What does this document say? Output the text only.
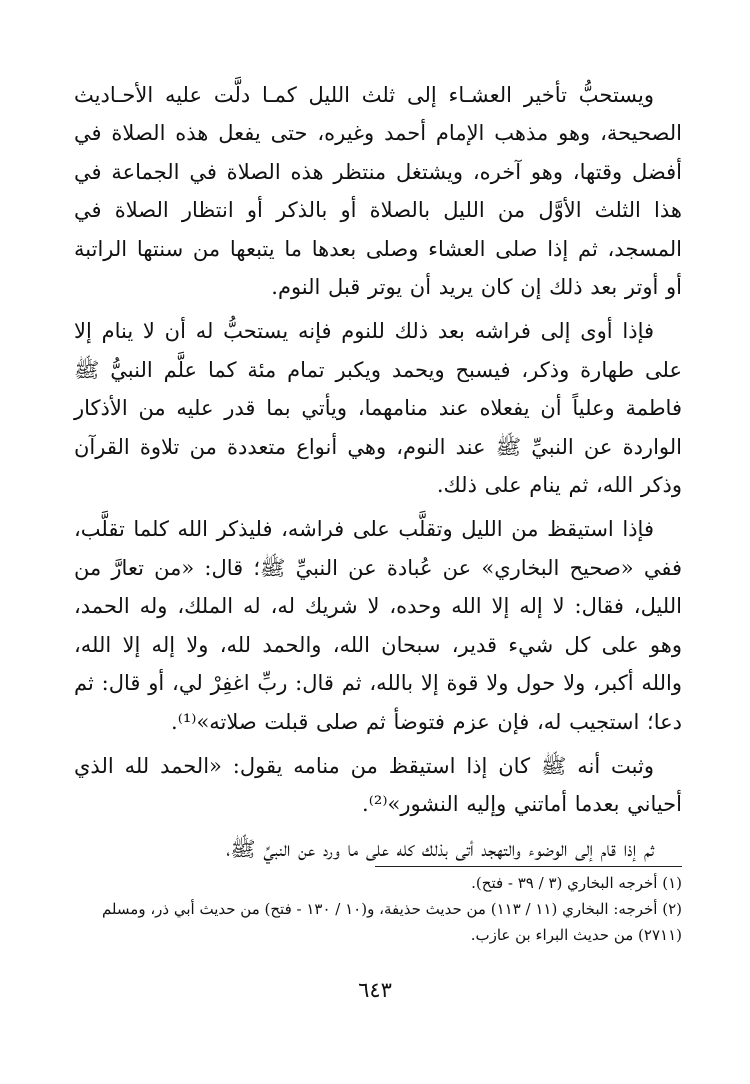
ويستحبُّ تأخير العشـاء إلى ثلث الليل كمـا دلَّت عليه الأحـاديث الصحيحة، وهو مذهب الإمام أحمد وغيره، حتى يفعل هذه الصلاة في أفضل وقتها، وهو آخره، ويشتغل منتظر هذه الصلاة في الجماعة في هذا الثلث الأوَّل من الليل بالصلاة أو بالذكر أو انتظار الصلاة في المسجد، ثم إذا صلى العشاء وصلى بعدها ما يتبعها من سنتها الراتبة أو أوتر بعد ذلك إن كان يريد أن يوتر قبل النوم.

فإذا أوى إلى فراشه بعد ذلك للنوم فإنه يستحبُّ له أن لا ينام إلا على طهارة وذكر، فيسبح ويحمد ويكبر تمام مئة كما علَّم النبيُّ ﷺ فاطمة وعلياً أن يفعلاه عند منامهما، ويأتي بما قدر عليه من الأذكار الواردة عن النبيِّ ﷺ عند النوم، وهي أنواع متعددة من تلاوة القرآن وذكر الله، ثم ينام على ذلك.

فإذا استيقظ من الليل وتقلَّب على فراشه، فليذكر الله كلما تقلَّب، ففي «صحيح البخاري» عن عُبادة عن النبيِّ ﷺ؛ قال: «من تعارَّ من الليل، فقال: لا إله إلا الله وحده، لا شريك له، له الملك، وله الحمد، وهو على كل شيء قدير، سبحان الله، والحمد لله، ولا إله إلا الله، والله أكبر، ولا حول ولا قوة إلا بالله، ثم قال: ربِّ اغفِرْ لي، أو قال: ثم دعا؛ استجيب له، فإن عزم فتوضأ ثم صلى قبلت صلاته»⁽¹⁾.

وثبت أنه ﷺ كان إذا استيقظ من منامه يقول: «الحمد لله الذي أحياني بعدما أماتني وإليه النشور»⁽²⁾.

ثم إذا قام إلى الوضوء والتهجد أتى بذلك كله على ما ورد عن النبيِّ ﷺ،

(١) أخرجه البخاري (٣ / ٣٩ - فتح).

(٢) أخرجه: البخاري (١١ / ١١٣) من حديث حذيفة، و(١٠ / ١٣٠ - فتح) من حديث أبي ذر، ومسلم (٢٧١١) من حديث البراء بن عازب.

٦٤٣
